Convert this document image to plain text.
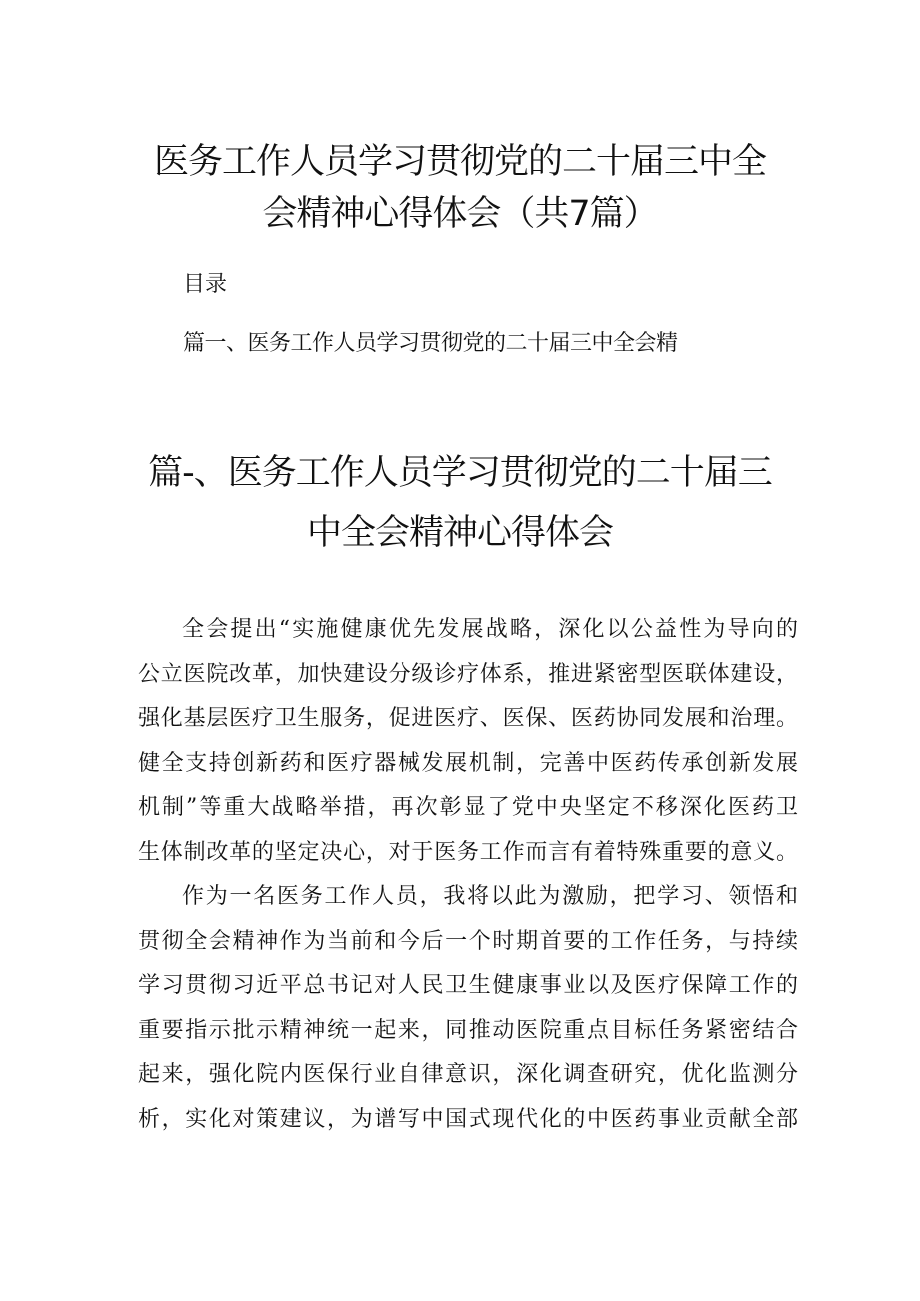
医务工作人员学习贯彻党的二十届三中全
会精神心得体会（共7篇）

目录

篇一、医务工作人员学习贯彻党的二十届三中全会精

篇-、医务工作人员学习贯彻党的二十届三
中全会精神心得体会

全会提出“实施健康优先发展战略，深化以公益性为导向的
公立医院改革，加快建设分级诊疗体系，推进紧密型医联体建设，
强化基层医疗卫生服务，促进医疗、医保、医药协同发展和治理。
健全支持创新药和医疗器械发展机制，完善中医药传承创新发展
机制”等重大战略举措，再次彰显了党中央坚定不移深化医药卫
生体制改革的坚定决心，对于医务工作而言有着特殊重要的意义。

作为一名医务工作人员，我将以此为激励，把学习、领悟和
贯彻全会精神作为当前和今后一个时期首要的工作任务，与持续
学习贯彻习近平总书记对人民卫生健康事业以及医疗保障工作的
重要指示批示精神统一起来，同推动医院重点目标任务紧密结合
起来，强化院内医保行业自律意识，深化调查研究，优化监测分
析，实化对策建议，为谱写中国式现代化的中医药事业贡献全部
